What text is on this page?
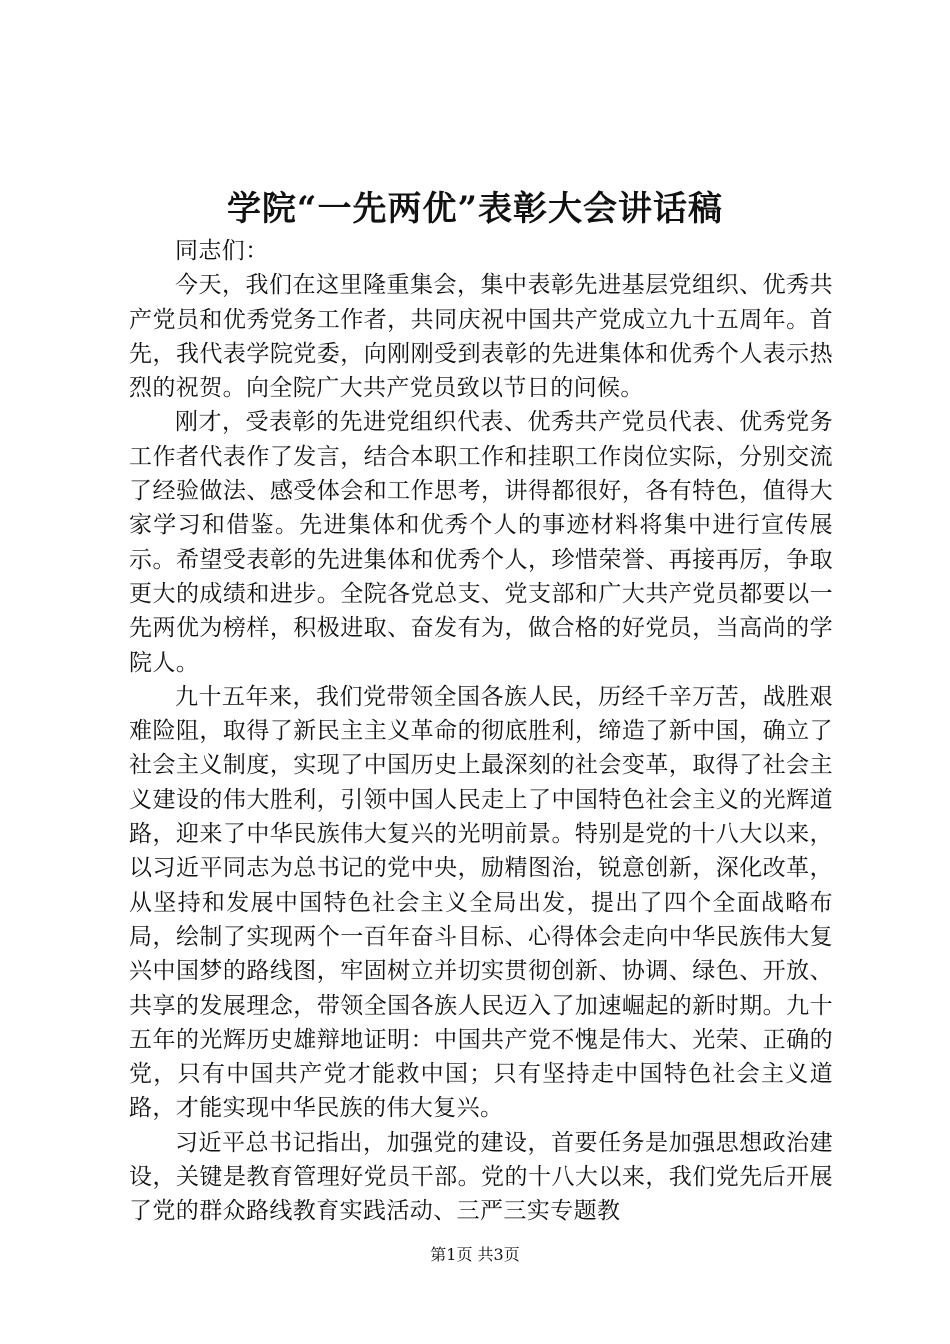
学院“一先两优”表彰大会讲话稿

同志们：

今天，我们在这里隆重集会，集中表彰先进基层党组织、优秀共产党员和优秀党务工作者，共同庆祝中国共产党成立九十五周年。首先，我代表学院党委，向刚刚受到表彰的先进集体和优秀个人表示热烈的祝贺。向全院广大共产党员致以节日的问候。

刚才，受表彰的先进党组织代表、优秀共产党员代表、优秀党务工作者代表作了发言，结合本职工作和挂职工作岗位实际，分别交流了经验做法、感受体会和工作思考，讲得都很好，各有特色，值得大家学习和借鉴。先进集体和优秀个人的事迹材料将集中进行宣传展示。希望受表彰的先进集体和优秀个人，珍惜荣誉、再接再厉，争取更大的成绩和进步。全院各党总支、党支部和广大共产党员都要以一先两优为榜样，积极进取、奋发有为，做合格的好党员，当高尚的学院人。

九十五年来，我们党带领全国各族人民，历经千辛万苦，战胜艰难险阻，取得了新民主主义革命的彻底胜利，缔造了新中国，确立了社会主义制度，实现了中国历史上最深刻的社会变革，取得了社会主义建设的伟大胜利，引领中国人民走上了中国特色社会主义的光辉道路，迎来了中华民族伟大复兴的光明前景。特别是党的十八大以来，以习近平同志为总书记的党中央，励精图治，锐意创新，深化改革，从坚持和发展中国特色社会主义全局出发，提出了四个全面战略布局，绘制了实现两个一百年奋斗目标、心得体会走向中华民族伟大复兴中国梦的路线图，牢固树立并切实贯彻创新、协调、绿色、开放、共享的发展理念，带领全国各族人民迈入了加速崛起的新时期。九十五年的光辉历史雄辩地证明：中国共产党不愧是伟大、光荣、正确的党，只有中国共产党才能救中国；只有坚持走中国特色社会主义道路，才能实现中华民族的伟大复兴。

习近平总书记指出，加强党的建设，首要任务是加强思想政治建设，关键是教育管理好党员干部。党的十八大以来，我们党先后开展了党的群众路线教育实践活动、三严三实专题教

第1页 共3页
